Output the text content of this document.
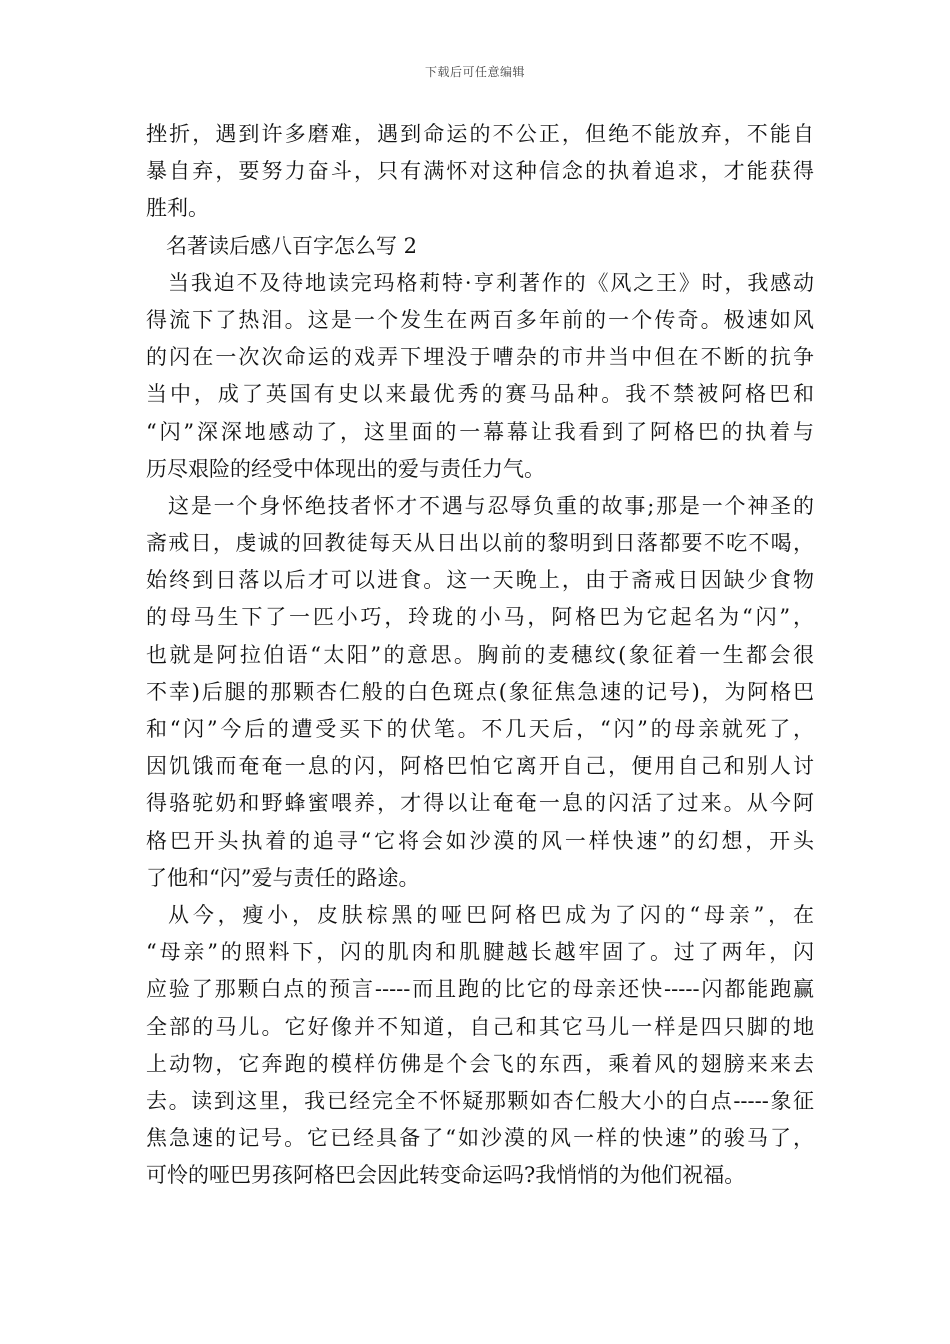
下载后可任意编辑
挫折，遇到许多磨难，遇到命运的不公正，但绝不能放弃，不能自
暴自弃，要努力奋斗，只有满怀对这种信念的执着追求，才能获得
胜利。
名著读后感八百字怎么写 2
当我迫不及待地读完玛格莉特·亨利著作的《风之王》时，我感动
得流下了热泪。这是一个发生在两百多年前的一个传奇。极速如风
的闪在一次次命运的戏弄下埋没于嘈杂的市井当中但在不断的抗争
当中，成了英国有史以来最优秀的赛马品种。我不禁被阿格巴和
“闪”深深地感动了，这里面的一幕幕让我看到了阿格巴的执着与
历尽艰险的经受中体现出的爱与责任力气。
这是一个身怀绝技者怀才不遇与忍辱负重的故事;那是一个神圣的
斋戒日，虔诚的回教徒每天从日出以前的黎明到日落都要不吃不喝，
始终到日落以后才可以进食。这一天晚上，由于斋戒日因缺少食物
的母马生下了一匹小巧，玲珑的小马，阿格巴为它起名为“闪”，
也就是阿拉伯语“太阳”的意思。胸前的麦穗纹(象征着一生都会很
不幸)后腿的那颗杏仁般的白色斑点(象征焦急速的记号)，为阿格巴
和“闪”今后的遭受买下的伏笔。不几天后，“闪”的母亲就死了，
因饥饿而奄奄一息的闪，阿格巴怕它离开自己，便用自己和别人讨
得骆驼奶和野蜂蜜喂养，才得以让奄奄一息的闪活了过来。从今阿
格巴开头执着的追寻“它将会如沙漠的风一样快速”的幻想，开头
了他和“闪”爱与责任的路途。
从今，瘦小，皮肤棕黑的哑巴阿格巴成为了闪的“母亲”，在
“母亲”的照料下，闪的肌肉和肌腱越长越牢固了。过了两年，闪
应验了那颗白点的预言-----而且跑的比它的母亲还快-----闪都能跑赢
全部的马儿。它好像并不知道，自己和其它马儿一样是四只脚的地
上动物，它奔跑的模样仿佛是个会飞的东西，乘着风的翅膀来来去
去。读到这里，我已经完全不怀疑那颗如杏仁般大小的白点-----象征
焦急速的记号。它已经具备了“如沙漠的风一样的快速”的骏马了，
可怜的哑巴男孩阿格巴会因此转变命运吗?我悄悄的为他们祝福。
